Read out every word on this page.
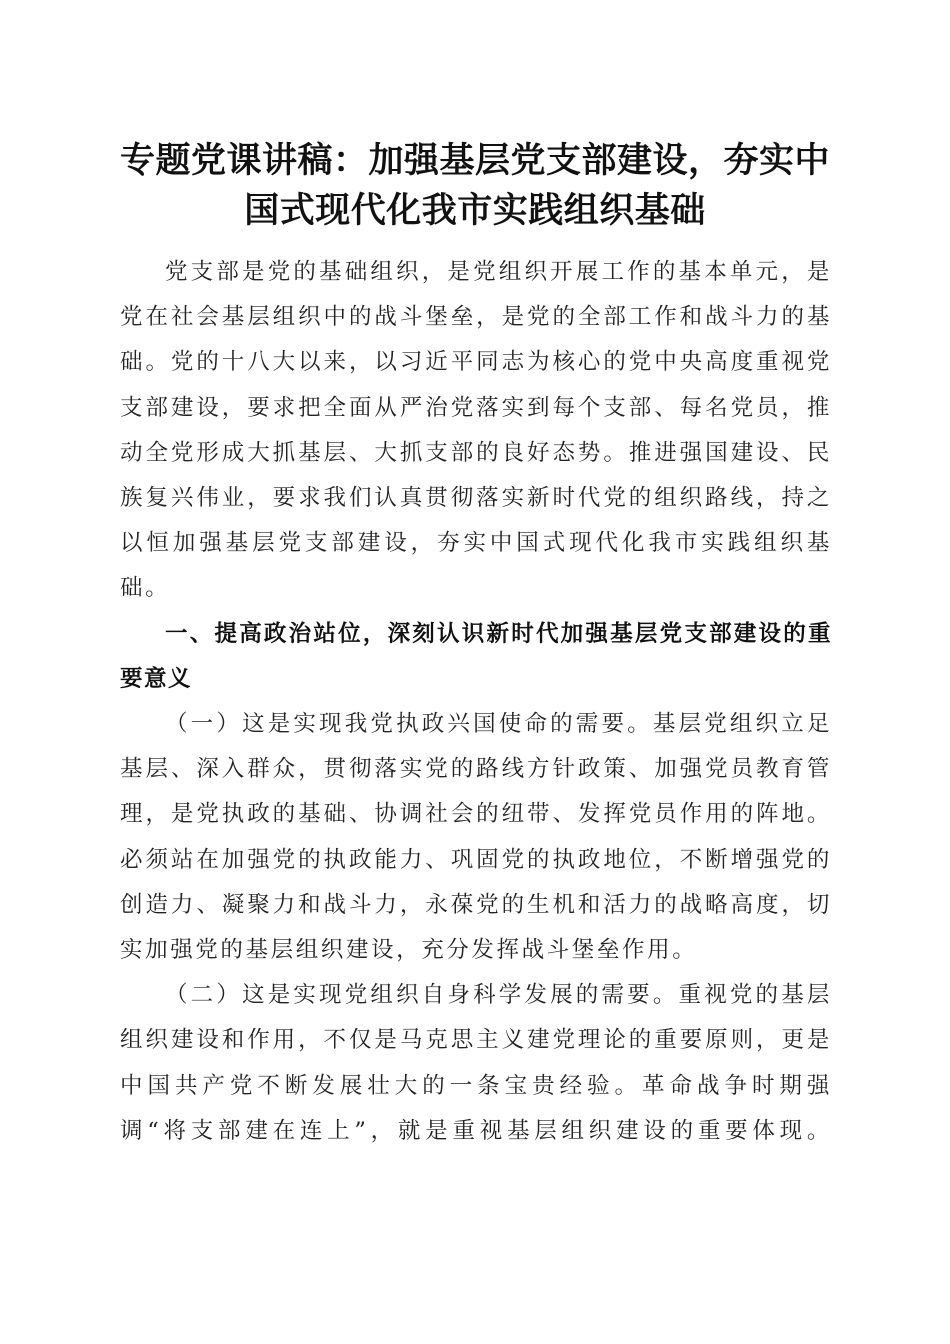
专题党课讲稿：加强基层党支部建设，夯实中国式现代化我市实践组织基础

党支部是党的基础组织，是党组织开展工作的基本单元，是党在社会基层组织中的战斗堡垒，是党的全部工作和战斗力的基础。党的十八大以来，以习近平同志为核心的党中央高度重视党支部建设，要求把全面从严治党落实到每个支部、每名党员，推动全党形成大抓基层、大抓支部的良好态势。推进强国建设、民族复兴伟业，要求我们认真贯彻落实新时代党的组织路线，持之以恒加强基层党支部建设，夯实中国式现代化我市实践组织基础。

一、提高政治站位，深刻认识新时代加强基层党支部建设的重要意义

（一）这是实现我党执政兴国使命的需要。基层党组织立足基层、深入群众，贯彻落实党的路线方针政策、加强党员教育管理，是党执政的基础、协调社会的纽带、发挥党员作用的阵地。必须站在加强党的执政能力、巩固党的执政地位，不断增强党的创造力、凝聚力和战斗力，永葆党的生机和活力的战略高度，切实加强党的基层组织建设，充分发挥战斗堡垒作用。

（二）这是实现党组织自身科学发展的需要。重视党的基层组织建设和作用，不仅是马克思主义建党理论的重要原则，更是中国共产党不断发展壮大的一条宝贵经验。革命战争时期强调“将支部建在连上”，就是重视基层组织建设的重要体现。
